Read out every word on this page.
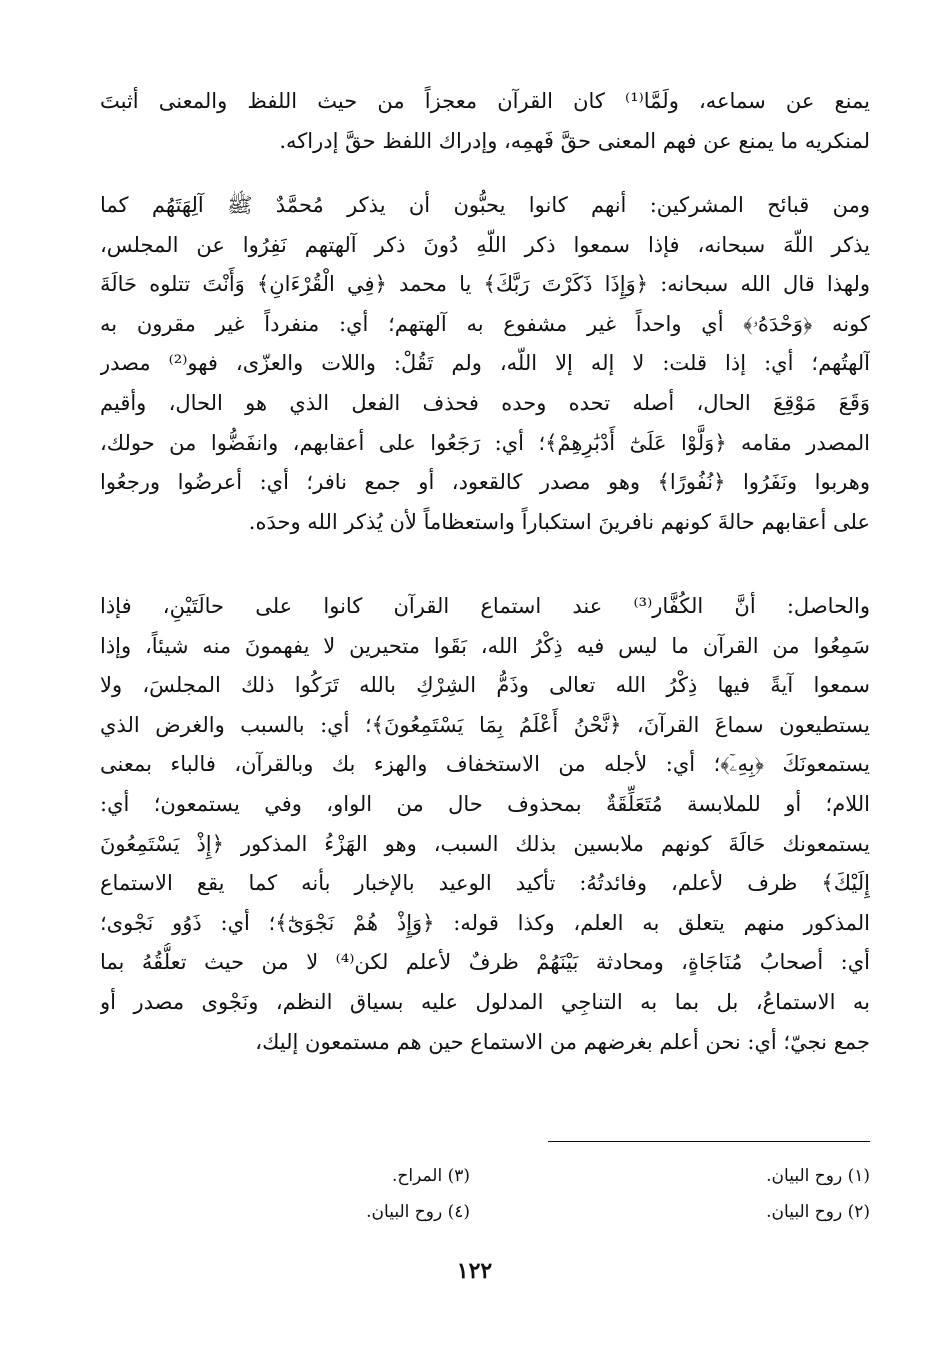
يمنع عن سماعه، ولَمَّا⁽¹⁾ كان القرآن معجزاً من حيث اللفظ والمعنى أثبتَ
لمنكريه ما يمنع عن فهم المعنى حقَّ فَهمِه، وإدراك اللفظ حقَّ إدراكه.
ومن قبائح المشركين: أنهم كانوا يحبُّون أن يذكر مُحمَّدٌ ﷺ آلِهَتَهُم كما
يذكر اللّهَ سبحانه، فإذا سمعوا ذكر اللّهِ دُونَ ذكر آلهتهم نَفِرُوا عن المجلس،
ولهذا قال الله سبحانه: ﴿وَإِذَا ذَكَرْتَ رَبَّكَ﴾ يا محمد ﴿فِي الْقُرْءَانِ﴾ وَأَنْتَ تتلوه حَالَةَ
كونه ﴿وَحْدَهُۥ﴾ أي واحداً غير مشفوع به آلهتهم؛ أي: منفرداً غير مقرون به
آلهتُهم؛ أي: إذا قلت: لا إله إلا اللّه، ولم تَقُلْ: واللات والعزّى، فهو⁽²⁾ مصدر
وَقَعَ مَوْقِعَ الحال، أصله تحده وحده فحذف الفعل الذي هو الحال، وأقيم
المصدر مقامه ﴿وَلَّوْا عَلَىٰٓ أَدْبَٰرِهِمْ﴾؛ أي: رَجَعُوا على أعقابهم، وانفَضُّوا من حولك،
وهربوا ونَفَرُوا ﴿نُفُورًا﴾ وهو مصدر كالقعود، أو جمع نافر؛ أي: أعرضُوا ورجعُوا
على أعقابهم حالةَ كونهم نافرينَ استكباراً واستعظاماً لأن يُذكر الله وحدَه.
والحاصل: أنَّ الكُفَّار⁽³⁾ عند استماع القرآن كانوا على حالَتَيْنِ، فإذا
سَمِعُوا من القرآن ما ليس فيه ذِكْرُ الله، بَقَوا متحيرين لا يفهمونَ منه شيئاً، وإذا
سمعوا آيةً فيها ذِكْرُ الله تعالى وذَمُّ الشِرْكِ بالله تَرَكُوا ذلك المجلسَ، ولا
يستطيعون سماعَ القرآنَ، ﴿نَّحْنُ أَعْلَمُ بِمَا يَسْتَمِعُونَ﴾؛ أي: بالسبب والغرض الذي
يستمعونَكَ ﴿بِهِۦٓ﴾؛ أي: لأجله من الاستخفاف والهزء بك وبالقرآن، فالباء بمعنى
اللام؛ أو للملابسة مُتَعَلِّقَةٌ بمحذوف حال من الواو، وفي يستمعون؛ أي:
يستمعونك حَالَةَ كونهم ملابسين بذلك السبب، وهو الهَزْءُ المذكور ﴿إِذْ يَسْتَمِعُونَ
إِلَيْكَ﴾ ظرف لأعلم، وفائدتُهُ: تأكيد الوعيد بالإخبار بأنه كما يقع الاستماع
المذكور منهم يتعلق به العلم، وكذا قوله: ﴿وَإِذْ هُمْ نَجْوَىٰٓ﴾؛ أي: ذَوُو نَجْوى؛
أي: أصحابُ مُنَاجَاةٍ، ومحادثة بَيْنَهُمْ ظرفٌ لأعلم لكن⁽⁴⁾ لا من حيث تعلُّقُهُ بما
به الاستماعُ، بل بما به التناجِي المدلول عليه بسياق النظم، ونَجْوى مصدر أو
جمع نجيّ؛ أي: نحن أعلم بغرضهم من الاستماع حين هم مستمعون إليك،
(١) روح البيان.
(٢) روح البيان.
(٣) المراح.
(٤) روح البيان.
١٢٢
